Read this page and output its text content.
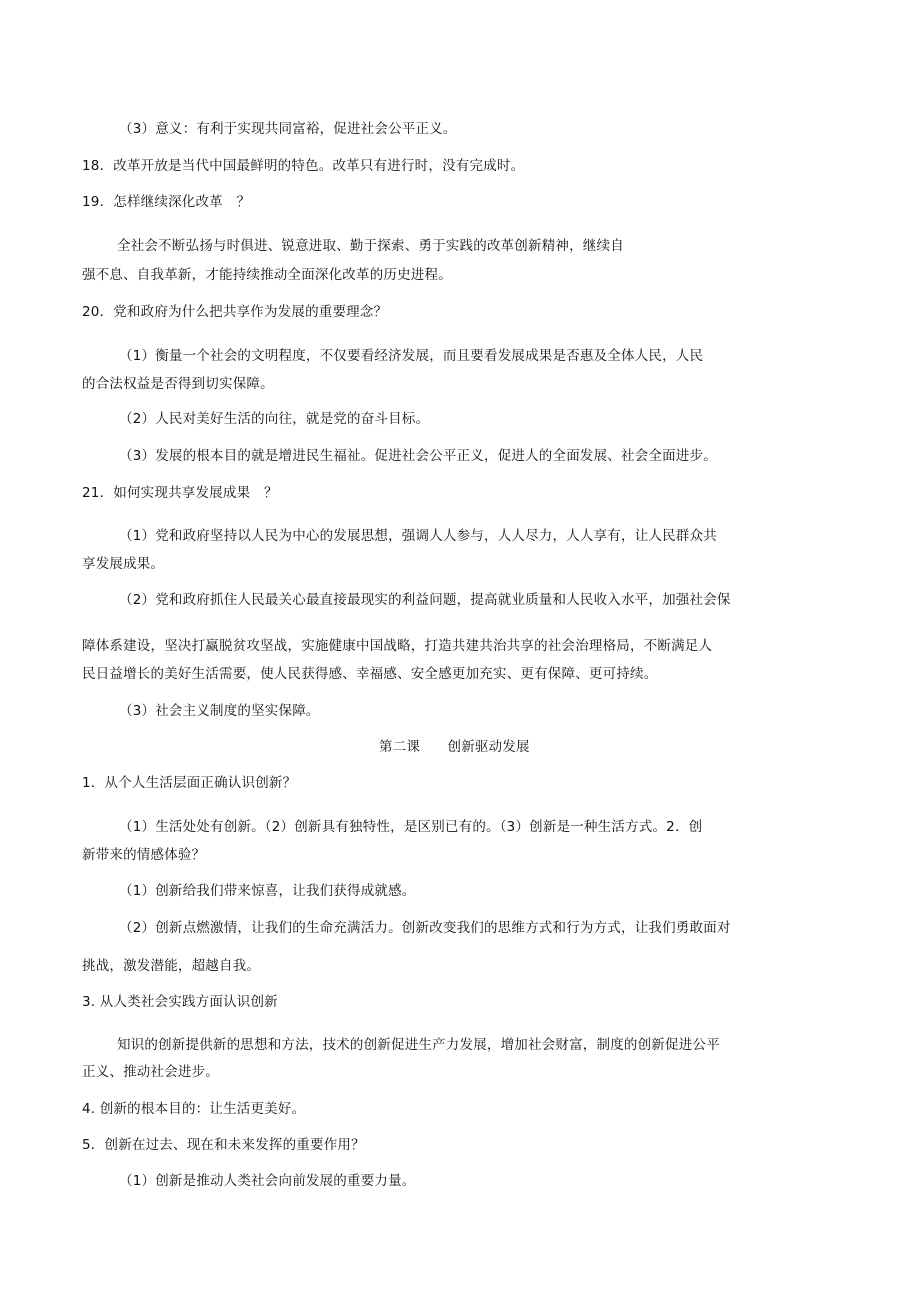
（3）意义：有利于实现共同富裕，促进社会公平正义。
18．改革开放是当代中国最鲜明的特色。改革只有进行时，没有完成时。
19．怎样继续深化改革　？
全社会不断弘扬与时俱进、锐意进取、勤于探索、勇于实践的改革创新精神，继续自
强不息、自我革新，才能持续推动全面深化改革的历史进程。
20．党和政府为什么把共享作为发展的重要理念？
（1）衡量一个社会的文明程度，不仅要看经济发展，而且要看发展成果是否惠及全体人民，人民
的合法权益是否得到切实保障。
（2）人民对美好生活的向往，就是党的奋斗目标。
（3）发展的根本目的就是增进民生福祉。促进社会公平正义，促进人的全面发展、社会全面进步。
21．如何实现共享发展成果　？
（1）党和政府坚持以人民为中心的发展思想，强调人人参与，人人尽力，人人享有，让人民群众共
享发展成果。
（2）党和政府抓住人民最关心最直接最现实的利益问题，提高就业质量和人民收入水平，加强社会保
障体系建设，坚决打赢脱贫攻坚战，实施健康中国战略，打造共建共治共享的社会治理格局，不断满足人
民日益增长的美好生活需要，使人民获得感、幸福感、安全感更加充实、更有保障、更可持续。
（3）社会主义制度的坚实保障。
第二课　　创新驱动发展
1．从个人生活层面正确认识创新？
（1）生活处处有创新。（2）创新具有独特性，是区别已有的。（3）创新是一种生活方式。2．创
新带来的情感体验？
（1）创新给我们带来惊喜，让我们获得成就感。
（2）创新点燃激情，让我们的生命充满活力。创新改变我们的思维方式和行为方式，让我们勇敢面对
挑战，激发潜能，超越自我。
3. 从人类社会实践方面认识创新
知识的创新提供新的思想和方法，技术的创新促进生产力发展，增加社会财富，制度的创新促进公平
正义、推动社会进步。
4. 创新的根本目的：让生活更美好。
5．创新在过去、现在和未来发挥的重要作用？
（1）创新是推动人类社会向前发展的重要力量。
